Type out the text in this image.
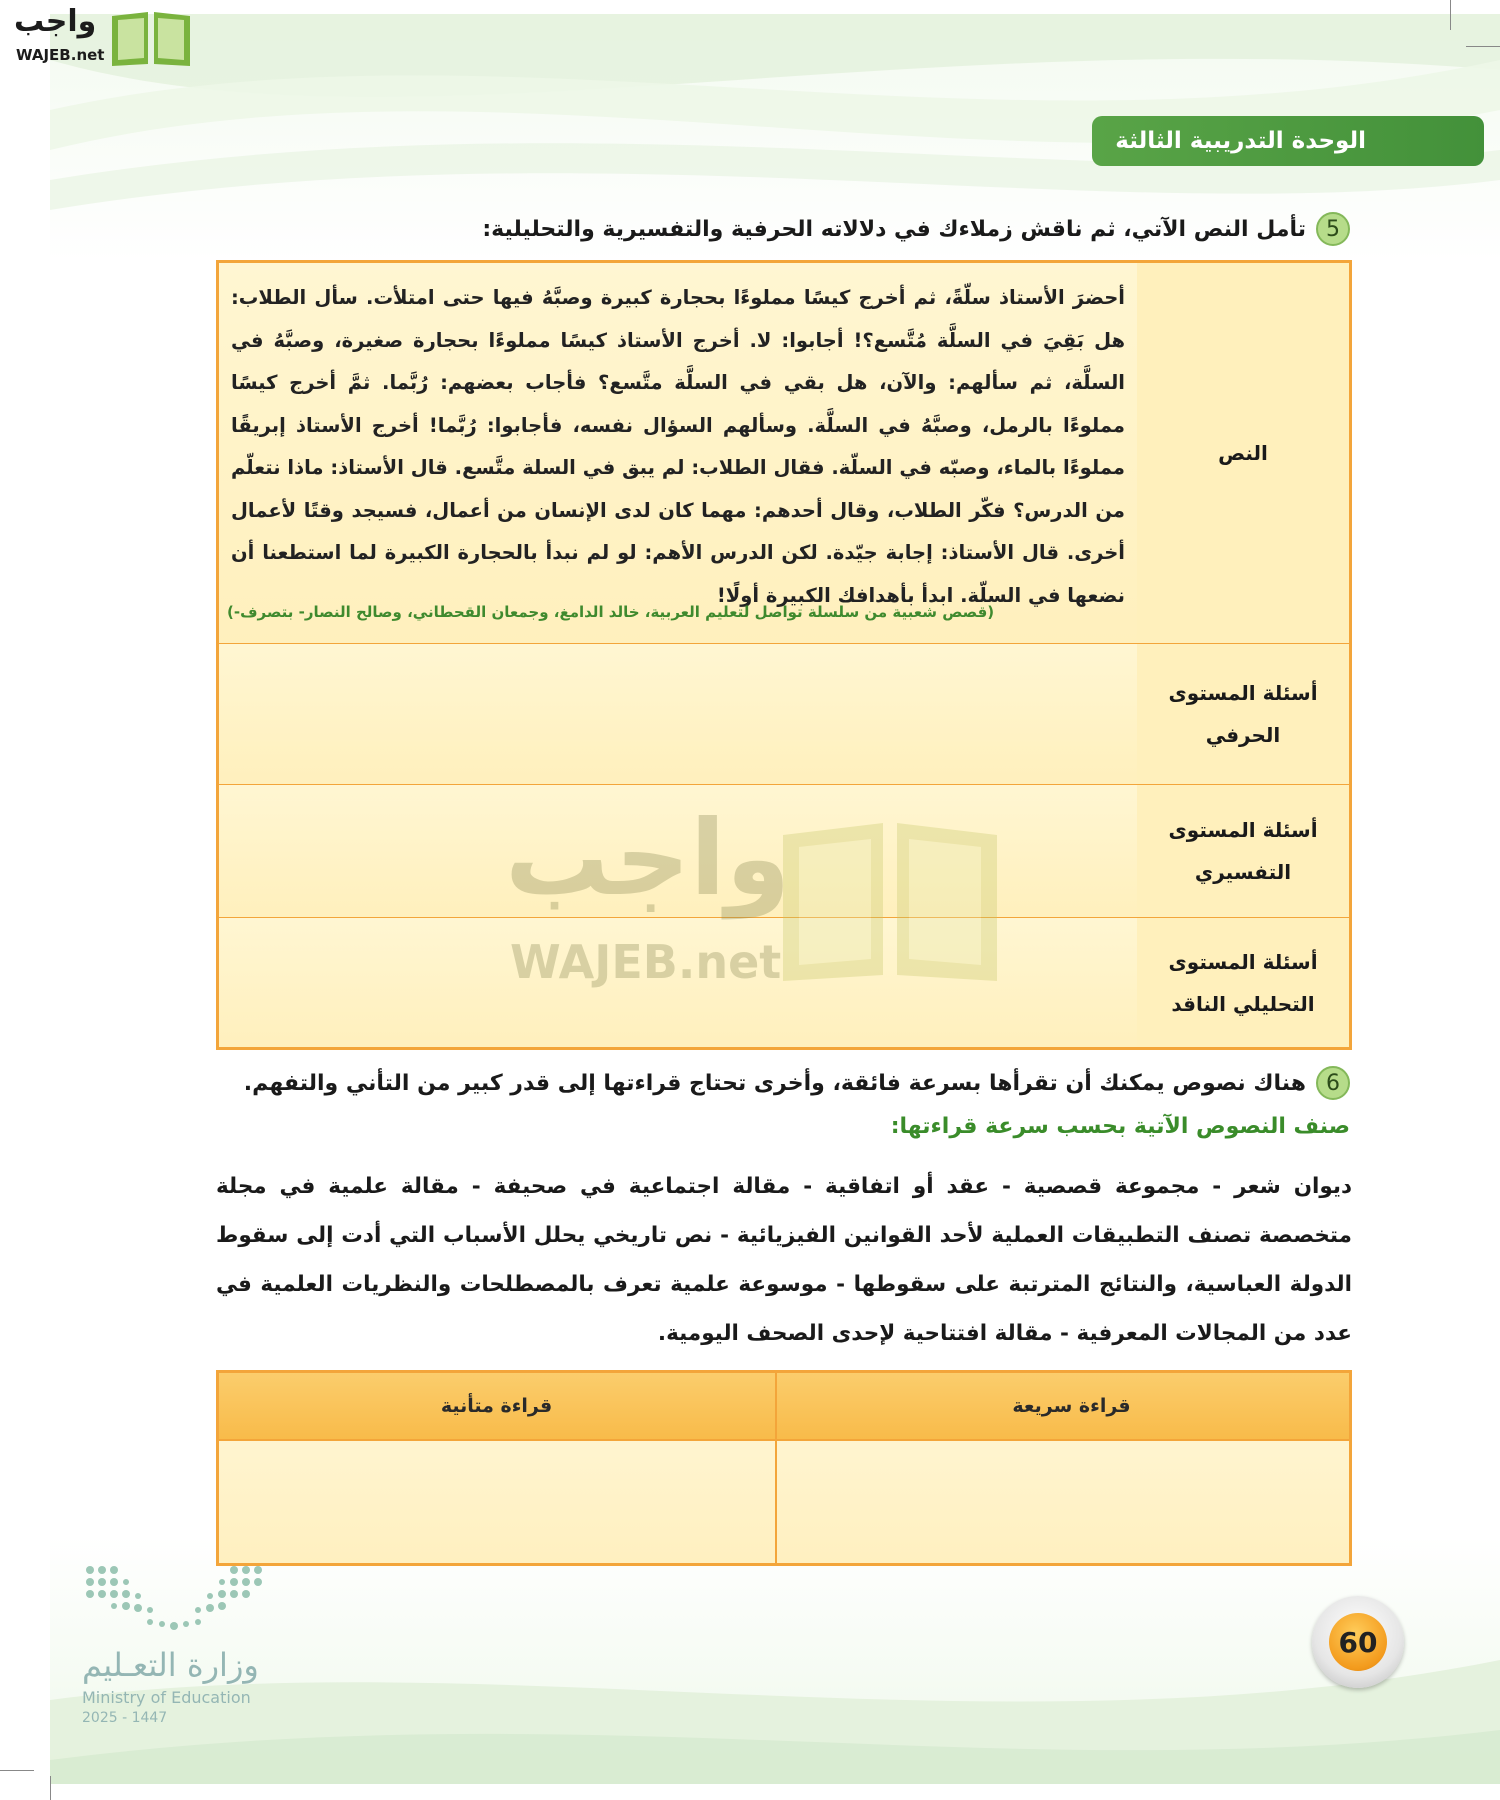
واجب
WAJEB.net
الوحدة التدريبية الثالثة
5
تأمل النص الآتي، ثم ناقش زملاءك في دلالاته الحرفية والتفسيرية والتحليلية:
النص
أحضرَ الأستاذ سلّةً، ثم أخرج كيسًا مملوءًا بحجارة كبيرة وصبَّهُ فيها حتى امتلأت. سأل الطلاب: هل بَقِيَ في السلَّة مُتَّسع؟! أجابوا: لا. أخرج الأستاذ كيسًا مملوءًا بحجارة صغيرة، وصبَّهُ في السلَّة، ثم سألهم: والآن، هل بقي في السلَّة متَّسع؟ فأجاب بعضهم: رُبَّما. ثمَّ أخرج كيسًا مملوءًا بالرمل، وصبَّهُ في السلَّة. وسألهم السؤال نفسه، فأجابوا: رُبَّما! أخرج الأستاذ إبريقًا مملوءًا بالماء، وصبّه في السلّة. فقال الطلاب: لم يبق في السلة متَّسع. قال الأستاذ: ماذا نتعلّم من الدرس؟ فكّر الطلاب، وقال أحدهم: مهما كان لدى الإنسان من أعمال، فسيجد وقتًا لأعمال أخرى. قال الأستاذ: إجابة جيّدة. لكن الدرس الأهم: لو لم نبدأ بالحجارة الكبيرة لما استطعنا أن نضعها في السلّة. ابدأ بأهدافك الكبيرة أولًا!
(قصص شعبية من سلسلة تواصل لتعليم العربية، خالد الدامغ، وجمعان القحطاني، وصالح النصار- بتصرف-)
أسئلة المستوى
الحرفي
أسئلة المستوى
التفسيري
أسئلة المستوى
التحليلي الناقد
واجب
WAJEB.net
6
هناك نصوص يمكنك أن تقرأها بسرعة فائقة، وأخرى تحتاج قراءتها إلى قدر كبير من التأني والتفهم.
صنف النصوص الآتية بحسب سرعة قراءتها:
ديوان شعر - مجموعة قصصية - عقد أو اتفاقية - مقالة اجتماعية في صحيفة - مقالة علمية في مجلة متخصصة تصنف التطبيقات العملية لأحد القوانين الفيزيائية - نص تاريخي يحلل الأسباب التي أدت إلى سقوط الدولة العباسية، والنتائج المترتبة على سقوطها - موسوعة علمية تعرف بالمصطلحات والنظريات العلمية في عدد من المجالات المعرفية - مقالة افتتاحية لإحدى الصحف اليومية.
قراءة سريعة
قراءة متأنية
وزارة التعـليم
Ministry of Education
2025 - 1447
60
